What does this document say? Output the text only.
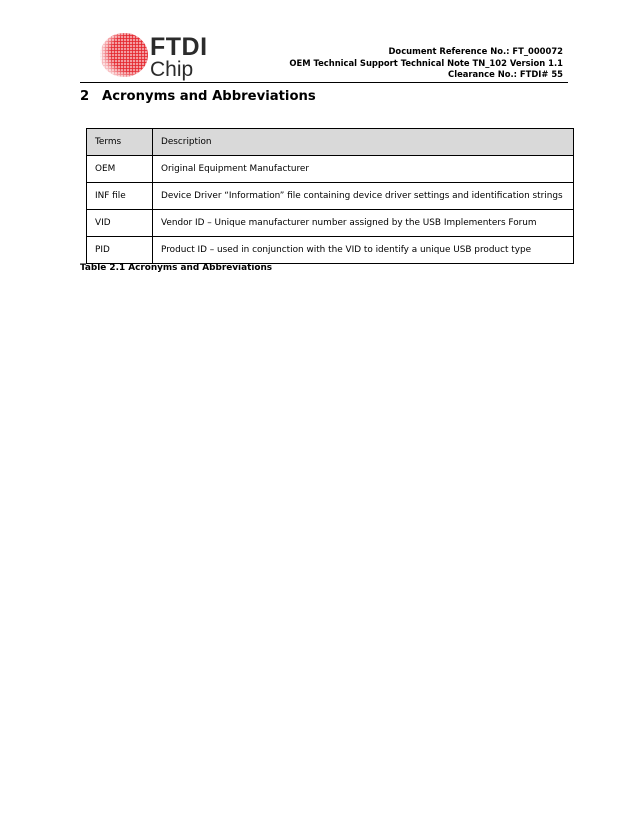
FTDI
Chip
Document Reference No.: FT_000072
OEM Technical Support Technical Note TN_102 Version 1.1
Clearance No.: FTDI# 55
2 Acronyms and Abbreviations
Terms	Description
OEM	Original Equipment Manufacturer
INF file	Device Driver “Information” file containing device driver settings and identification strings
VID	Vendor ID – Unique manufacturer number assigned by the USB Implementers Forum
PID	Product ID – used in conjunction with the VID to identify a unique USB product type
Table 2.1 Acronyms and Abbreviations
